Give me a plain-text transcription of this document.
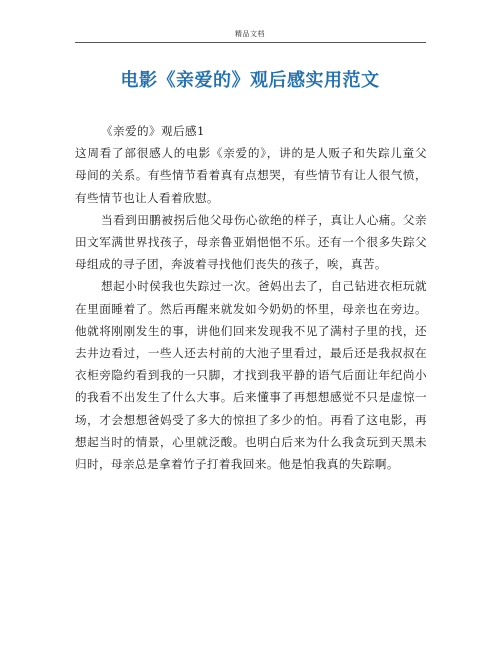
精品文档
电影《亲爱的》观后感实用范文

《亲爱的》观后感1

这周看了部很感人的电影《亲爱的》，讲的是人贩子和失踪儿童父母间的关系。有些情节看着真有点想哭，有些情节有让人很气愤，有些情节也让人看着欣慰。

当看到田鹏被拐后他父母伤心欲绝的样子，真让人心痛。父亲田文军满世界找孩子，母亲鲁亚娟悒悒不乐。还有一个很多失踪父母组成的寻子团，奔波着寻找他们丧失的孩子，唉，真苦。

想起小时侯我也失踪过一次。爸妈出去了，自己钻进衣柜玩就在里面睡着了。然后再醒来就发如今奶奶的怀里，母亲也在旁边。他就将刚刚发生的事，讲他们回来发现我不见了满村子里的找，还去井边看过，一些人还去村前的大池子里看过，最后还是我叔叔在衣柜旁隐约看到我的一只脚，才找到我平静的语气后面让年纪尚小的我看不出发生了什么大事。后来懂事了再想想感觉不只是虚惊一场，才会想想爸妈受了多大的惊担了多少的怕。再看了这电影，再想起当时的情景，心里就泛酸。也明白后来为什么我贪玩到天黑未归时，母亲总是拿着竹子打着我回来。他是怕我真的失踪啊。
